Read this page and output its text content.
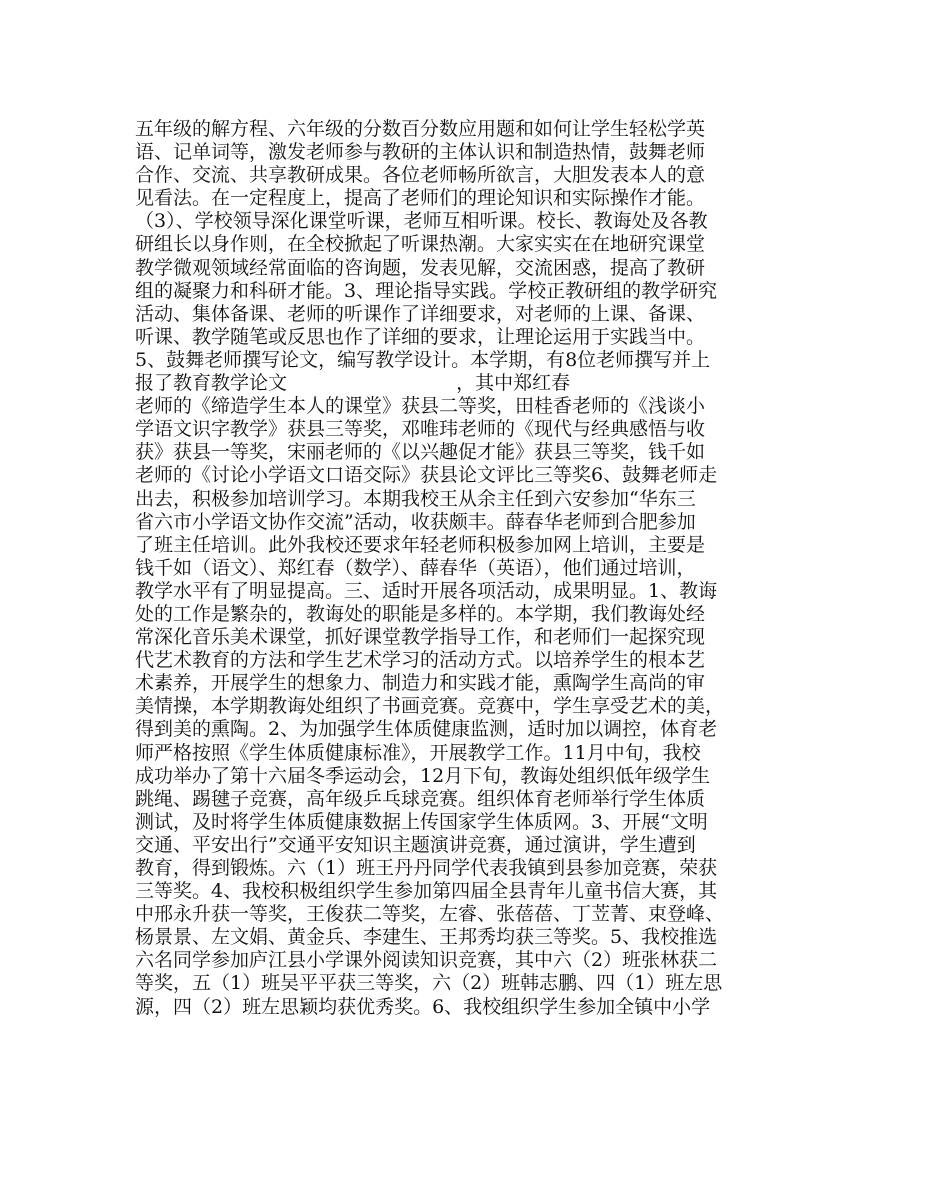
五年级的解方程、六年级的分数百分数应用题和如何让学生轻松学英
语、记单词等，激发老师参与教研的主体认识和制造热情，鼓舞老师
合作、交流、共享教研成果。各位老师畅所欲言，大胆发表本人的意
见看法。在一定程度上，提高了老师们的理论知识和实际操作才能。
（3）、学校领导深化课堂听课，老师互相听课。校长、教诲处及各教
研组长以身作则，在全校掀起了听课热潮。大家实实在在地研究课堂
教学微观领域经常面临的咨询题，发表见解，交流困惑，提高了教研
组的凝聚力和科研才能。3、理论指导实践。学校正教研组的教学研究
活动、集体备课、老师的听课作了详细要求，对老师的上课、备课、
听课、教学随笔或反思也作了详细的要求，让理论运用于实践当中。
5、鼓舞老师撰写论文，编写教学设计。本学期，有8位老师撰写并上
报了教育教学论文                            ，其中郑红春
老师的《缔造学生本人的课堂》获县二等奖，田桂香老师的《浅谈小
学语文识字教学》获县三等奖，邓唯玮老师的《现代与经典感悟与收
获》获县一等奖，宋丽老师的《以兴趣促才能》获县三等奖，钱千如
老师的《讨论小学语文口语交际》获县论文评比三等奖6、鼓舞老师走
出去，积极参加培训学习。本期我校王从余主任到六安参加“华东三
省六市小学语文协作交流”活动，收获颇丰。薛春华老师到合肥参加
了班主任培训。此外我校还要求年轻老师积极参加网上培训，主要是
钱千如（语文）、郑红春（数学）、薛春华（英语），他们通过培训，
教学水平有了明显提高。三、适时开展各项活动，成果明显。1、教诲
处的工作是繁杂的，教诲处的职能是多样的。本学期，我们教诲处经
常深化音乐美术课堂，抓好课堂教学指导工作，和老师们一起探究现
代艺术教育的方法和学生艺术学习的活动方式。以培养学生的根本艺
术素养，开展学生的想象力、制造力和实践才能，熏陶学生高尚的审
美情操，本学期教诲处组织了书画竞赛。竞赛中，学生享受艺术的美，
得到美的熏陶。2、为加强学生体质健康监测，适时加以调控，体育老
师严格按照《学生体质健康标准》，开展教学工作。11月中旬，我校
成功举办了第十六届冬季运动会，12月下旬，教诲处组织低年级学生
跳绳、踢毽子竞赛，高年级乒乓球竞赛。组织体育老师举行学生体质
测试，及时将学生体质健康数据上传国家学生体质网。3、开展“文明
交通、平安出行”交通平安知识主题演讲竞赛，通过演讲，学生遭到
教育，得到锻炼。六（1）班王丹丹同学代表我镇到县参加竞赛，荣获
三等奖。4、我校积极组织学生参加第四届全县青年儿童书信大赛，其
中邢永升获一等奖，王俊获二等奖，左睿、张蓓蓓、丁苙菁、束登峰、
杨景景、左文娟、黄金兵、李建生、王邦秀均获三等奖。5、我校推选
六名同学参加庐江县小学课外阅读知识竞赛，其中六（2）班张林获二
等奖，五（1）班吴平平获三等奖，六（2）班韩志鹏、四（1）班左思
源，四（2）班左思颖均获优秀奖。6、我校组织学生参加全镇中小学
